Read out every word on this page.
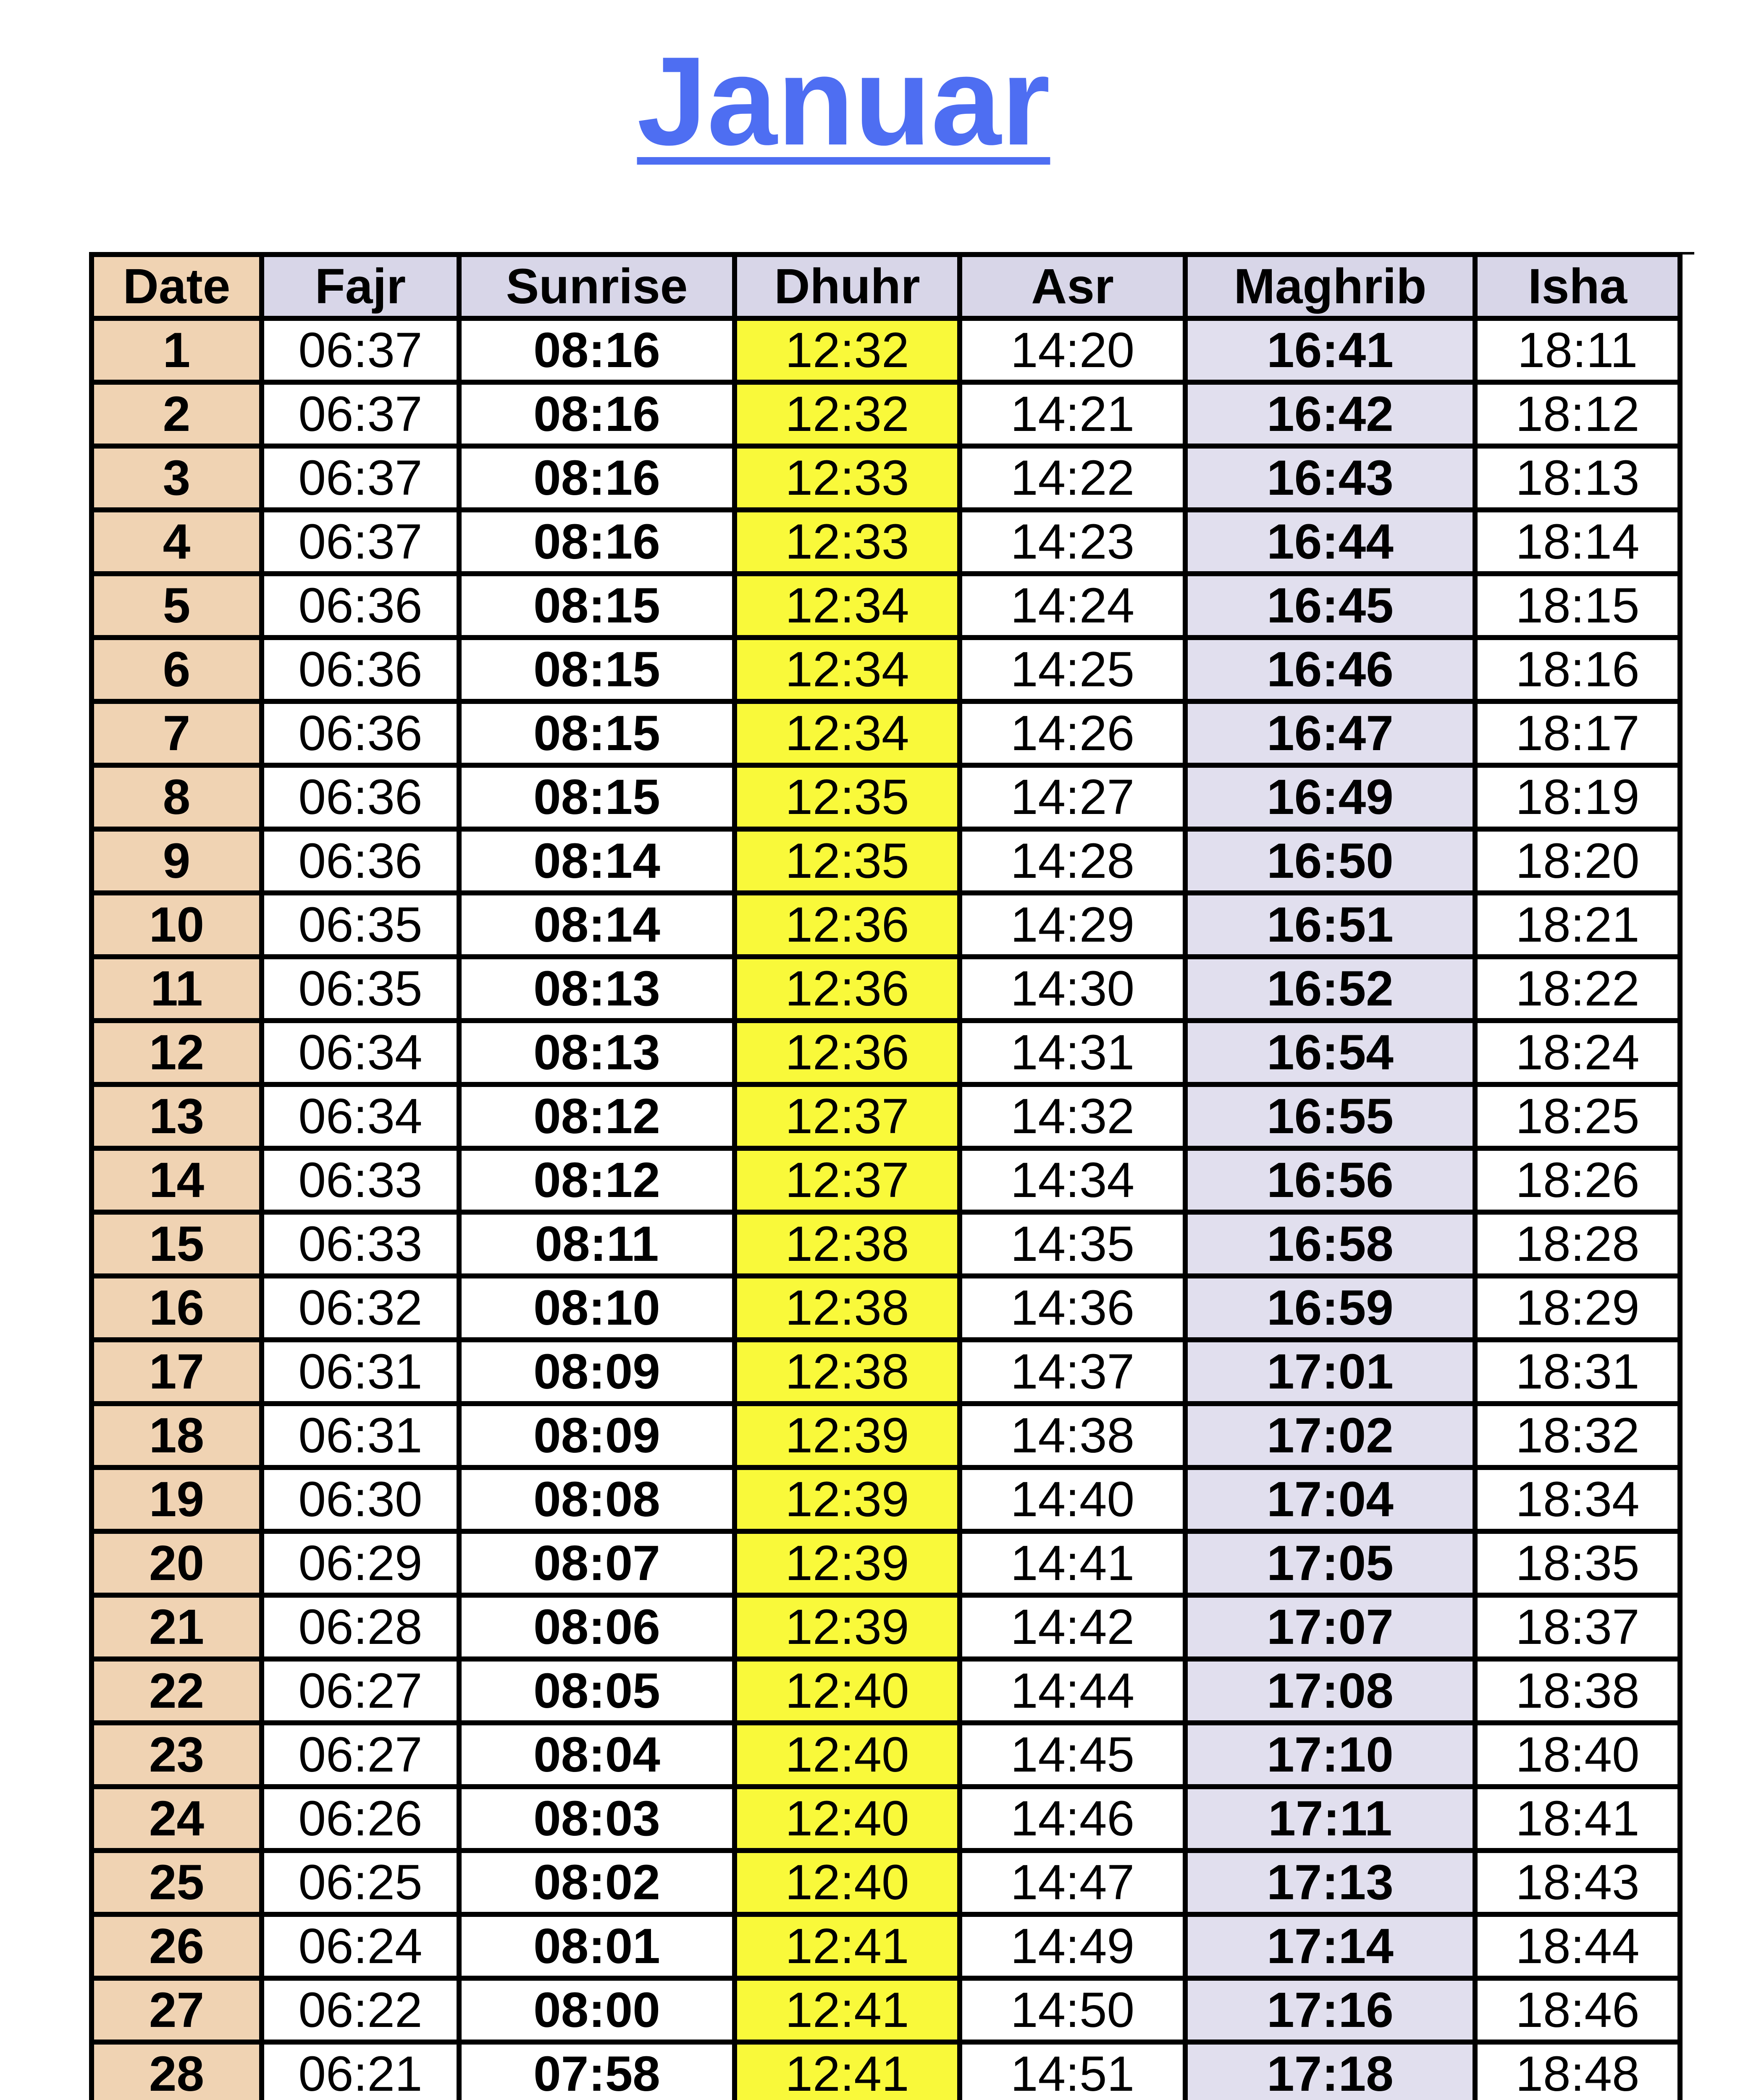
Januar
Date	Fajr	Sunrise	Dhuhr	Asr	Maghrib	Isha
1	06:37	08:16	12:32	14:20	16:41	18:11
2	06:37	08:16	12:32	14:21	16:42	18:12
3	06:37	08:16	12:33	14:22	16:43	18:13
4	06:37	08:16	12:33	14:23	16:44	18:14
5	06:36	08:15	12:34	14:24	16:45	18:15
6	06:36	08:15	12:34	14:25	16:46	18:16
7	06:36	08:15	12:34	14:26	16:47	18:17
8	06:36	08:15	12:35	14:27	16:49	18:19
9	06:36	08:14	12:35	14:28	16:50	18:20
10	06:35	08:14	12:36	14:29	16:51	18:21
11	06:35	08:13	12:36	14:30	16:52	18:22
12	06:34	08:13	12:36	14:31	16:54	18:24
13	06:34	08:12	12:37	14:32	16:55	18:25
14	06:33	08:12	12:37	14:34	16:56	18:26
15	06:33	08:11	12:38	14:35	16:58	18:28
16	06:32	08:10	12:38	14:36	16:59	18:29
17	06:31	08:09	12:38	14:37	17:01	18:31
18	06:31	08:09	12:39	14:38	17:02	18:32
19	06:30	08:08	12:39	14:40	17:04	18:34
20	06:29	08:07	12:39	14:41	17:05	18:35
21	06:28	08:06	12:39	14:42	17:07	18:37
22	06:27	08:05	12:40	14:44	17:08	18:38
23	06:27	08:04	12:40	14:45	17:10	18:40
24	06:26	08:03	12:40	14:46	17:11	18:41
25	06:25	08:02	12:40	14:47	17:13	18:43
26	06:24	08:01	12:41	14:49	17:14	18:44
27	06:22	08:00	12:41	14:50	17:16	18:46
28	06:21	07:58	12:41	14:51	17:18	18:48
